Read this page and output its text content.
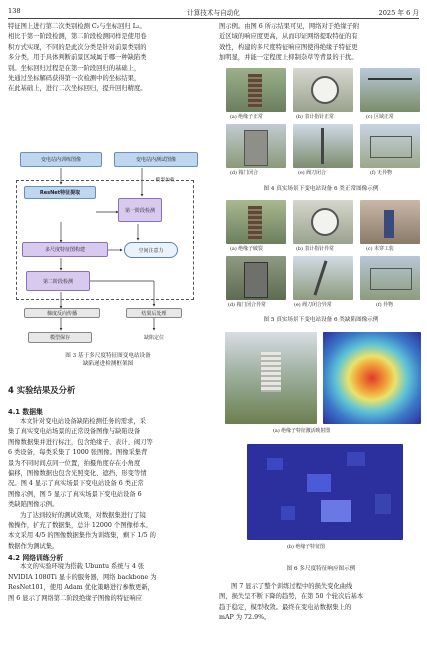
138	计算技术与自动化	2025 年 6 月

特征图上进行第二次类别检测 C₂与坐标回归 L₂。

相比于第一阶段检测，第二阶段检测同样是使用卷

积方式实现，不同的是此次分类是针对前景类别的

多分类，用于具体判断前景区域属于哪一种缺陷类

别。坐标回归过程是在第一阶段回归的基础上，

先通过坐标解码获得第一次检测中的坐标结果，

在此基础上，进行二次坐标回归，提升回归精度。

变电站内训练图像	变电站内测试图像
模型加载
ResNet特征提取
第一阶段检测
多尺度特征图构建	空间注意力
第二阶段检测
梯度反向传播	结果后处理
模型保存	缺陷定位

图 3 基于多尺度特征图变电站设备

缺陷递进检测框架图

4 实验结果及分析

4.1 数据集

本文针对变电站设备缺陷检测任务的需求，采

集了真实变电站场景的正常设备图像与缺陷设备

图像数据集并进行标注，包含绝缘子、表计、阀刀等

6 类设备，每类采集了 1000 张图像。图像采集背

景为不同时间点同一位置，拍摄角度存在小角度

偏移，图像数据也包含光照变化、遮挡、形变等情

况。图 4 显示了真实场景下变电站设备 6 类正常

图像示例，图 5 显示了真实场景下变电站设备 6

类缺陷图像示例。

为了达到较好的测试效果，对数据集进行了镜

像操作，扩充了数据集，总计 12000 个图像样本。

本文采用 4/5 的图像数据集作为训练集，剩下 1/5 的

数据作为测试集。

4.2 网络训练分析

本文的实验环境为搭载 Ubuntu 系统与 4 张

NVIDIA 1080Ti 显卡的服务器，网络 backbone 为

ResNet101，使用 Adam 优化策略进行参数更新，

图 6 显示了网络第二阶段绝缘子图像的特征响应

图示例。由图 6 所示结果可见，网络对于绝缘子附

近区域的响应度更高，从而印证网络提取特征的有

效性，构建的多尺度特征响应图使得绝缘子特征更

加明显，并能一定程度上抑制杂草等背景的干扰。

(a) 绝缘子正常	(b) 表计指针正常	(c) 区域正常
(d) 箱门闭合	(e) 阀刀闭合	(f) 无异物

图 4 真实场景下变电站设备 6 类正常图像示例

(a) 绝缘子破裂	(b) 表计指针异常	(c) 未穿工装
(d) 箱门闭合异常	(e) 阀刀闭合异常	(f) 异物

图 5 真实场景下变电站设备 6 类缺陷图像示例

(a) 绝缘子特征激活映射图
(b) 绝缘子特征图

图 6 多尺度特征响应图示例

图 7 显示了整个训练过程中的损失变化曲线

图，损失呈不断下降的趋势，在第 50 个轮次后基本

趋于稳定，模型收敛。最终在变电站数据集上的

mAP 为 72.9%。
